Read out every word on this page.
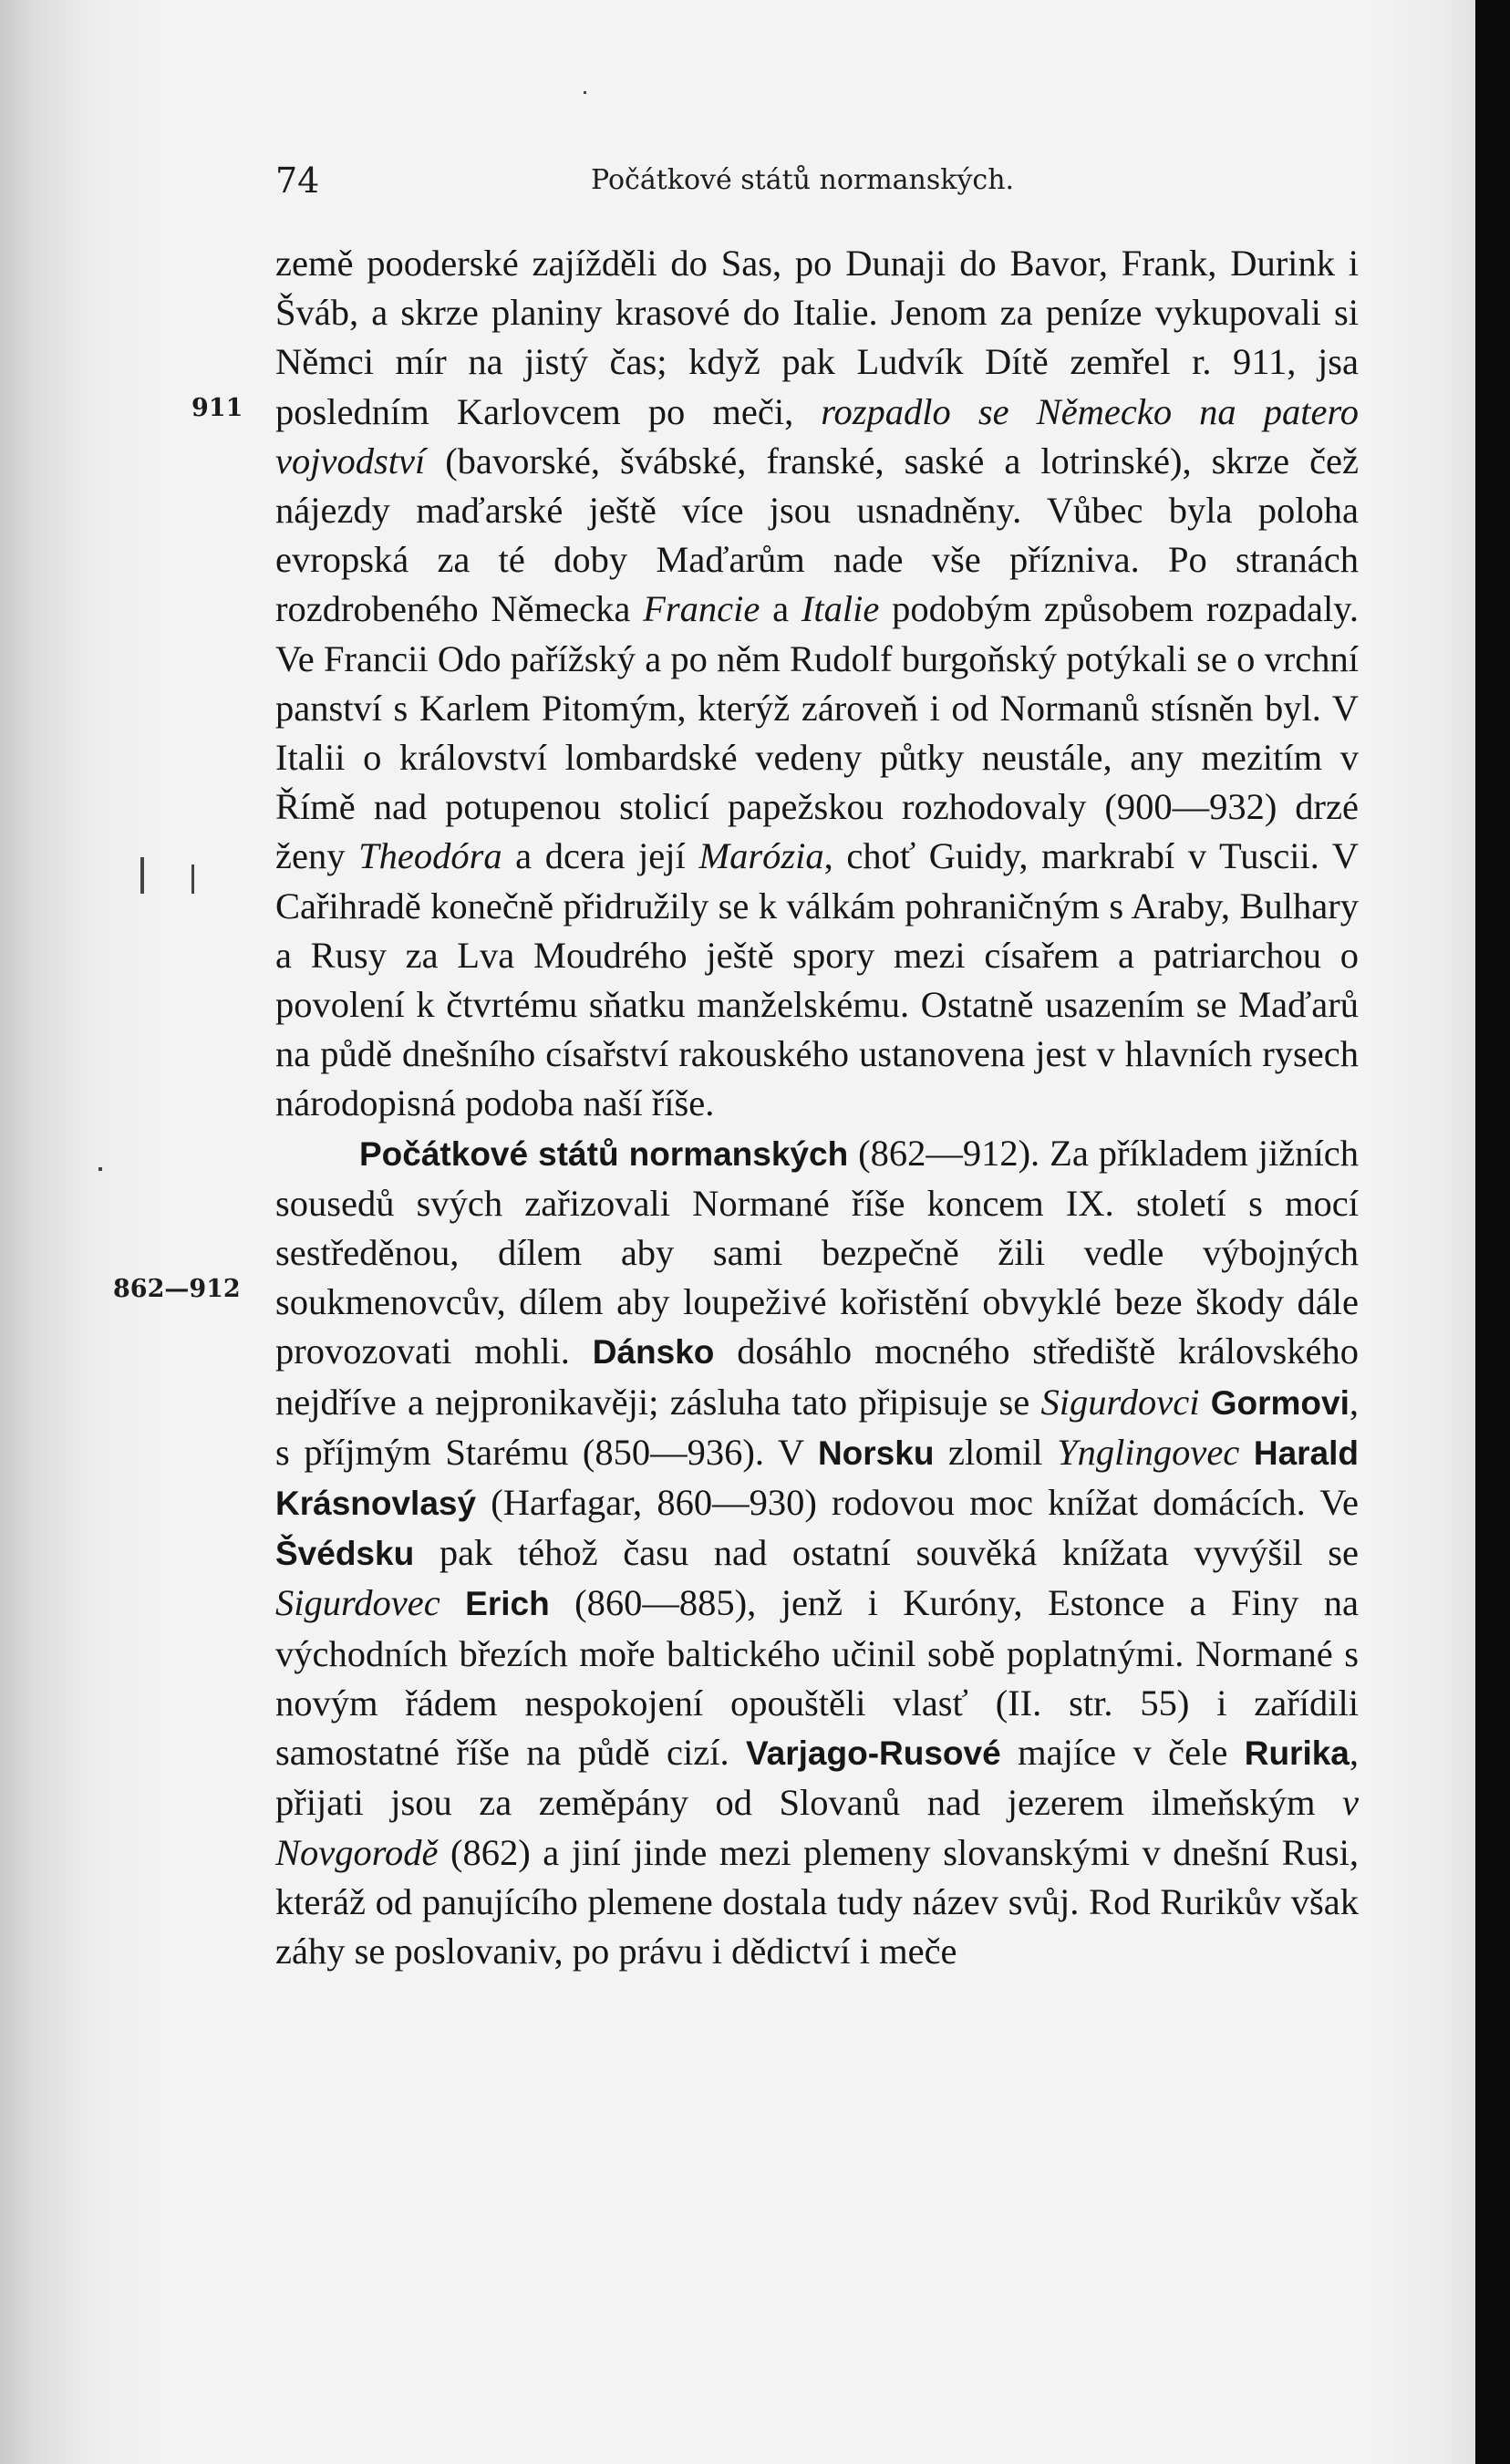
74	Počátkové států normanských.
911
862—912

země pooderské zajížděli do Sas, po Dunaji do Bavor, Frank, Durink i Šváb, a skrze planiny krasové do Italie. Jenom za peníze vykupovali si Němci mír na jistý čas; když pak Ludvík Dítě zemřel r. 911, jsa posledním Karlovcem po meči, rozpadlo se Německo na patero vojvodství (bavorské, švábské, franské, saské a lotrinské), skrze čež nájezdy maďarské ještě více jsou usnadněny. Vůbec byla poloha evropská za té doby Maďarům nade vše přízniva. Po stranách rozdrobeného Německa Francie a Italie podobým způsobem rozpadaly. Ve Francii Odo pařížský a po něm Rudolf burgoňský potýkali se o vrchní panství s Karlem Pitomým, kterýž zároveň i od Normanů stísněn byl. V Italii o království lombardské vedeny půtky neustále, any mezitím v Římě nad potupenou stolicí papežskou rozhodovaly (900—932) drzé ženy Theodóra a dcera její Marózia, choť Guidy, markrabí v Tuscii. V Cařihradě konečně přidružily se k válkám pohraničným s Araby, Bulhary a Rusy za Lva Moudrého ještě spory mezi císařem a patriarchou o povolení k čtvrtému sňatku manželskému. Ostatně usazením se Maďarů na půdě dnešního císařství rakouského ustanovena jest v hlavních rysech národopisná podoba naší říše.

Počátkové států normanských (862—912). Za příkladem jižních sousedů svých zařizovali Normané říše koncem IX. století s mocí sestředěnou, dílem aby sami bezpečně žili vedle výbojných soukmenovcův, dílem aby loupeživé kořistění obvyklé beze škody dále provozovati mohli. Dánsko dosáhlo mocného střediště královského nejdříve a nejpronikavěji; zásluha tato připisuje se Sigurdovci Gormovi, s příjmým Starému (850—936). V Norsku zlomil Ynglingovec Harald Krásnovlasý (Harfagar, 860—930) rodovou moc knížat domácích. Ve Švédsku pak téhož času nad ostatní souvěká knížata vyvýšil se Sigurdovec Erich (860—885), jenž i Kuróny, Estonce a Finy na východních březích moře baltického učinil sobě poplatnými. Normané s novým řádem nespokojení opouštěli vlasť (II. str. 55) i zařídili samostatné říše na půdě cizí. Varjago-Rusové majíce v čele Rurika, přijati jsou za zeměpány od Slovanů nad jezerem ilmeňským v Novgorodě (862) a jiní jinde mezi plemeny slovanskými v dnešní Rusi, kteráž od panujícího plemene dostala tudy název svůj. Rod Rurikův však záhy se poslovaniv, po právu i dědictví i meče
